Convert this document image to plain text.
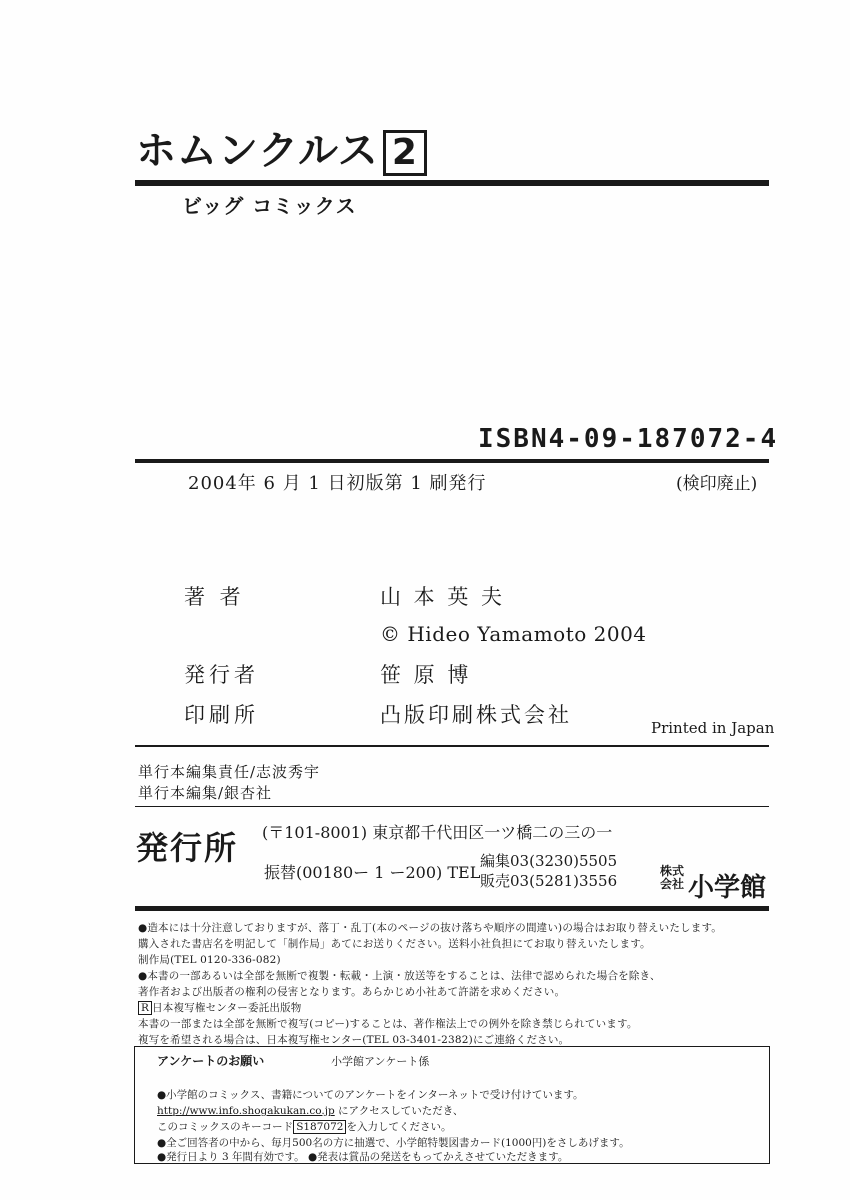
ホムンクルス 2
ビッグ コミックス
ISBN4-09-187072-4
2004年 6 月 1 日初版第 1 刷発行	(検印廃止)
著 者	山 本 英 夫
© Hideo Yamamoto 2004
発行者	笹 原 博
印刷所	凸版印刷株式会社
Printed in Japan
単行本編集責任/志波秀宇
単行本編集/銀杏社
発行所 (〒101-8001) 東京都千代田区一ツ橋二の三の一
振替(00180ー 1 ー200) TEL
編集03(3230)5505
販売03(5281)3556
株式
会社 小学館
●造本には十分注意しておりますが、落丁・乱丁(本のページの抜け落ちや順序の間違い)の場合はお取り替えいたします。
購入された書店名を明記して「制作局」あてにお送りください。送料小社負担にてお取り替えいたします。
制作局(TEL 0120-336-082)
●本書の一部あるいは全部を無断で複製・転載・上演・放送等をすることは、法律で認められた場合を除き、
著作者および出版者の権利の侵害となります。あらかじめ小社あて許諾を求めください。
R 日本複写権センター委託出版物
本書の一部または全部を無断で複写(コピー)することは、著作権法上での例外を除き禁じられています。
複写を希望される場合は、日本複写権センター(TEL 03-3401-2382)にご連絡ください。
アンケートのお願い	小学館アンケート係
●小学館のコミックス、書籍についてのアンケートをインターネットで受け付けています。
http://www.info.shogakukan.co.jp にアクセスしていただき、
このコミックスのキーコード S187072 を入力してください。
●全ご回答者の中から、毎月500名の方に抽選で、小学館特製図書カード(1000円)をさしあげます。
●発行日より 3 年間有効です。 ●発表は賞品の発送をもってかえさせていただきます。
